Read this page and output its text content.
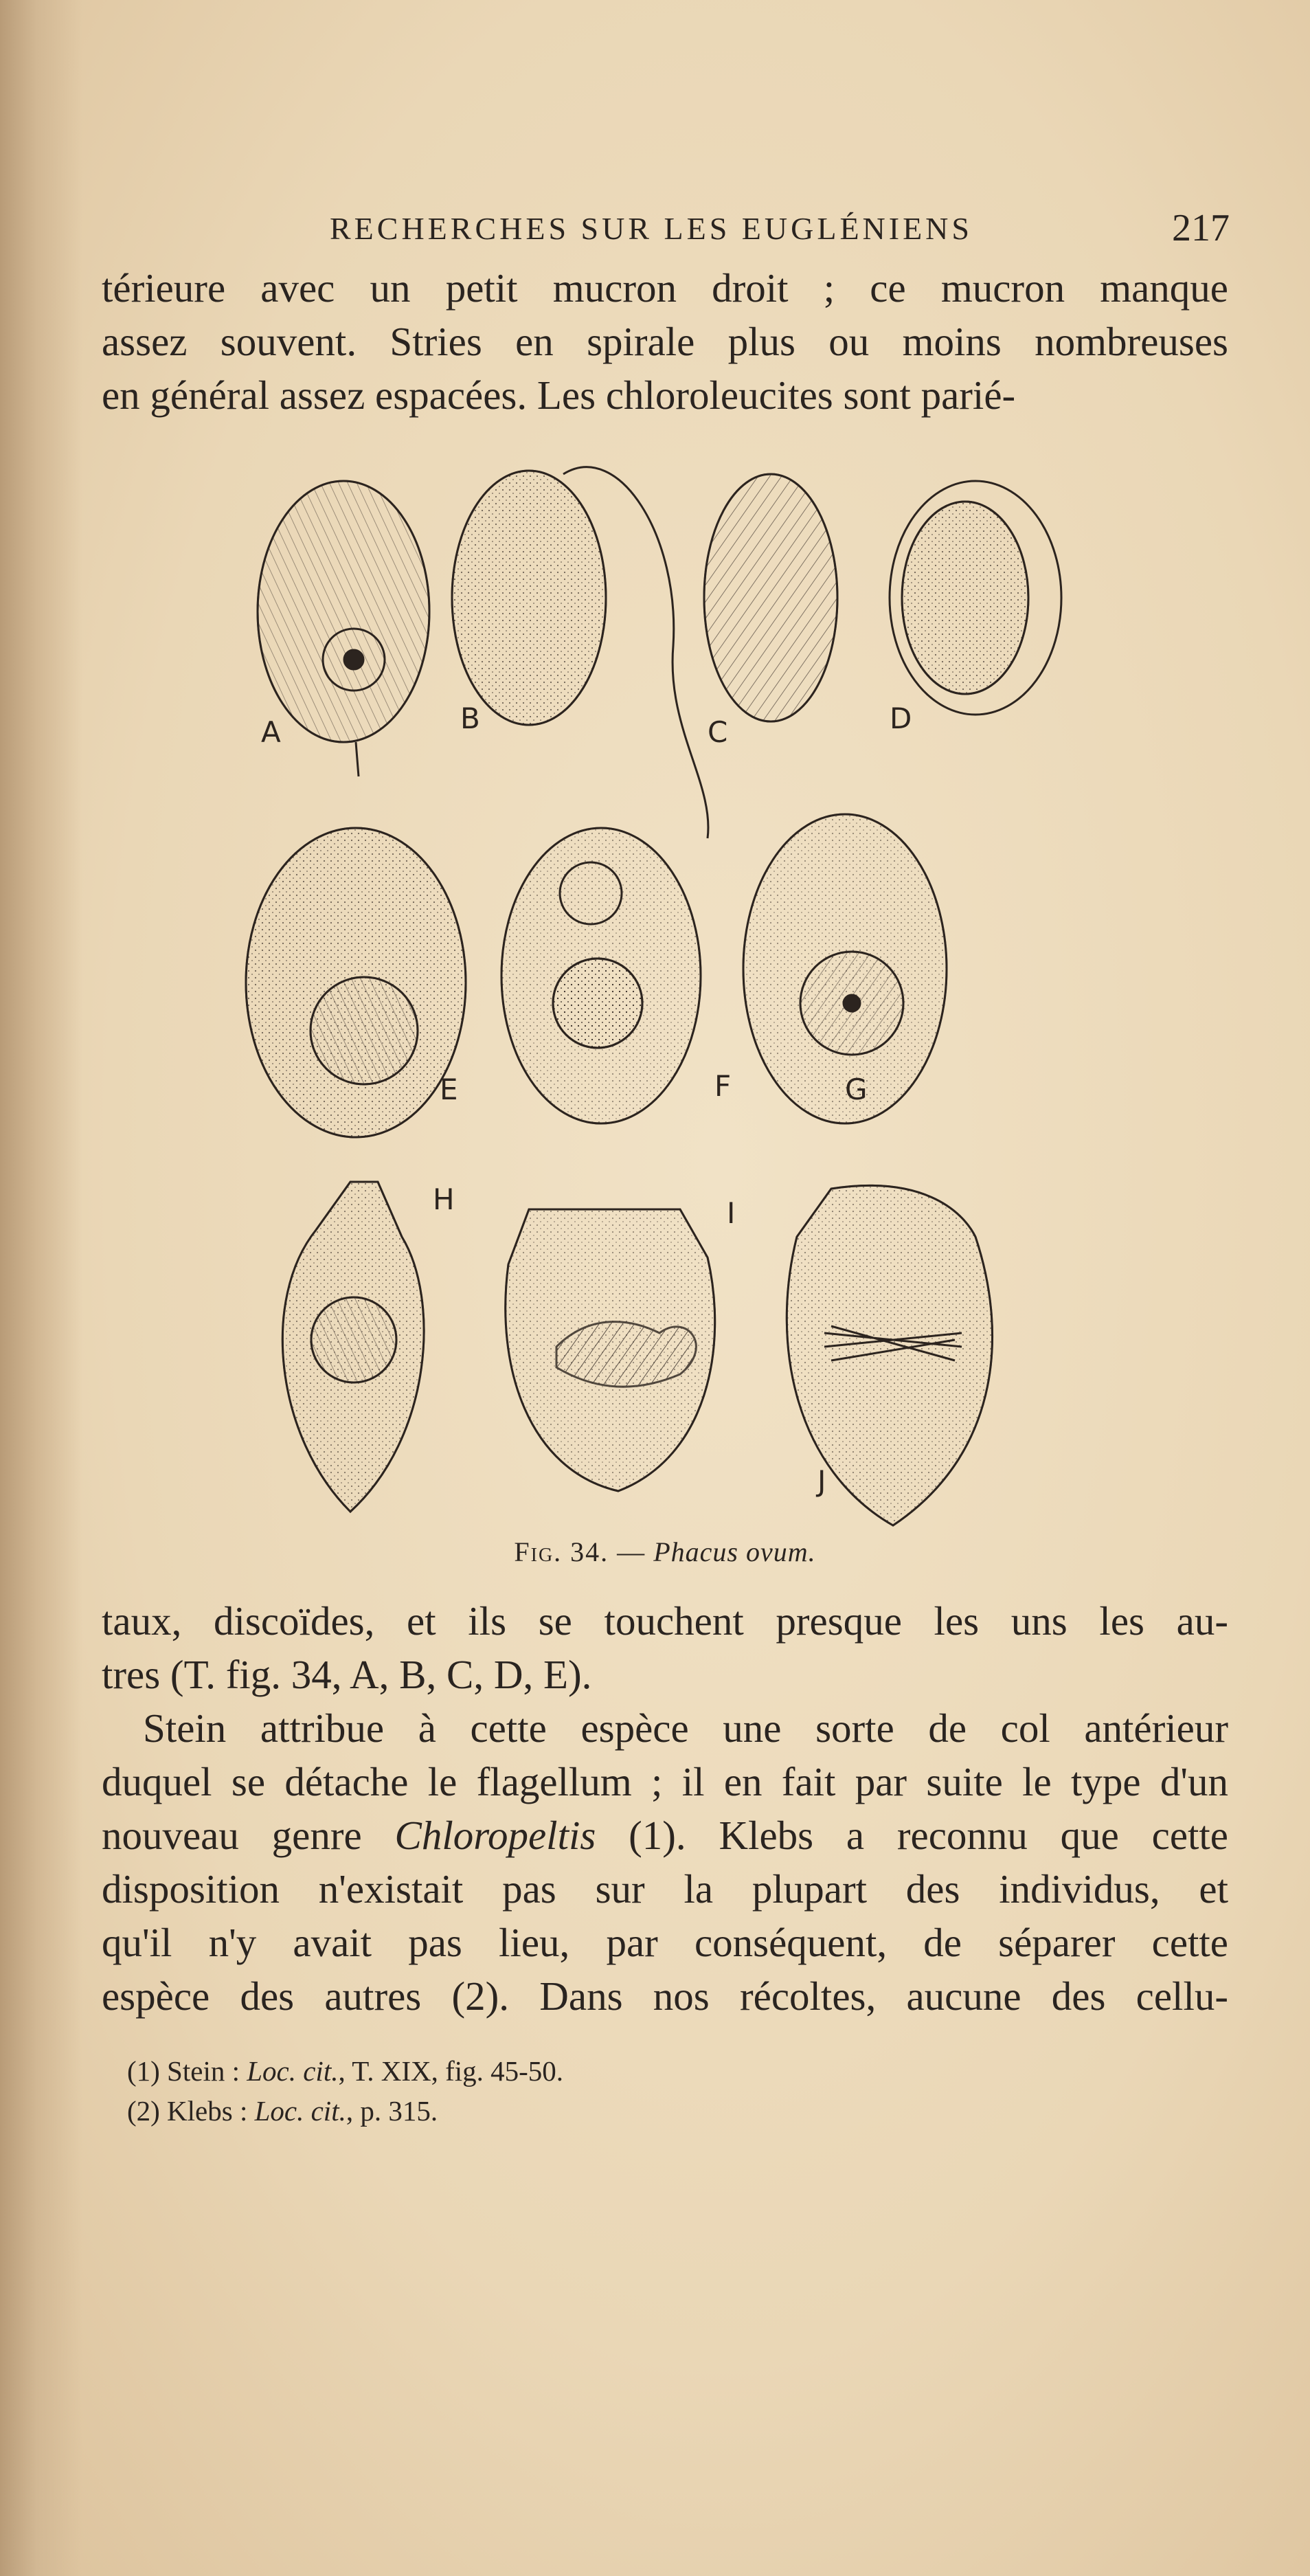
RECHERCHES SUR LES EUGLÉNIENS	217

térieure avec un petit mucron droit ; ce mucron manque

assez souvent. Stries en spirale plus ou moins nombreuses

en général assez espacées. Les chloroleucites sont parié-

A	B	C	D
E	F	G
H	I
J
Fig. 34. — Phacus ovum.

taux, discoïdes, et ils se touchent presque les uns les au-

tres (T. fig. 34, A, B, C, D, E).

Stein attribue à cette espèce une sorte de col antérieur

duquel se détache le flagellum ; il en fait par suite le type d'un

nouveau genre Chloropeltis (1). Klebs a reconnu que cette

disposition n'existait pas sur la plupart des individus, et

qu'il n'y avait pas lieu, par conséquent, de séparer cette

espèce des autres (2). Dans nos récoltes, aucune des cellu-

(1) Stein : Loc. cit., T. XIX, fig. 45-50.
(2) Klebs : Loc. cit., p. 315.
